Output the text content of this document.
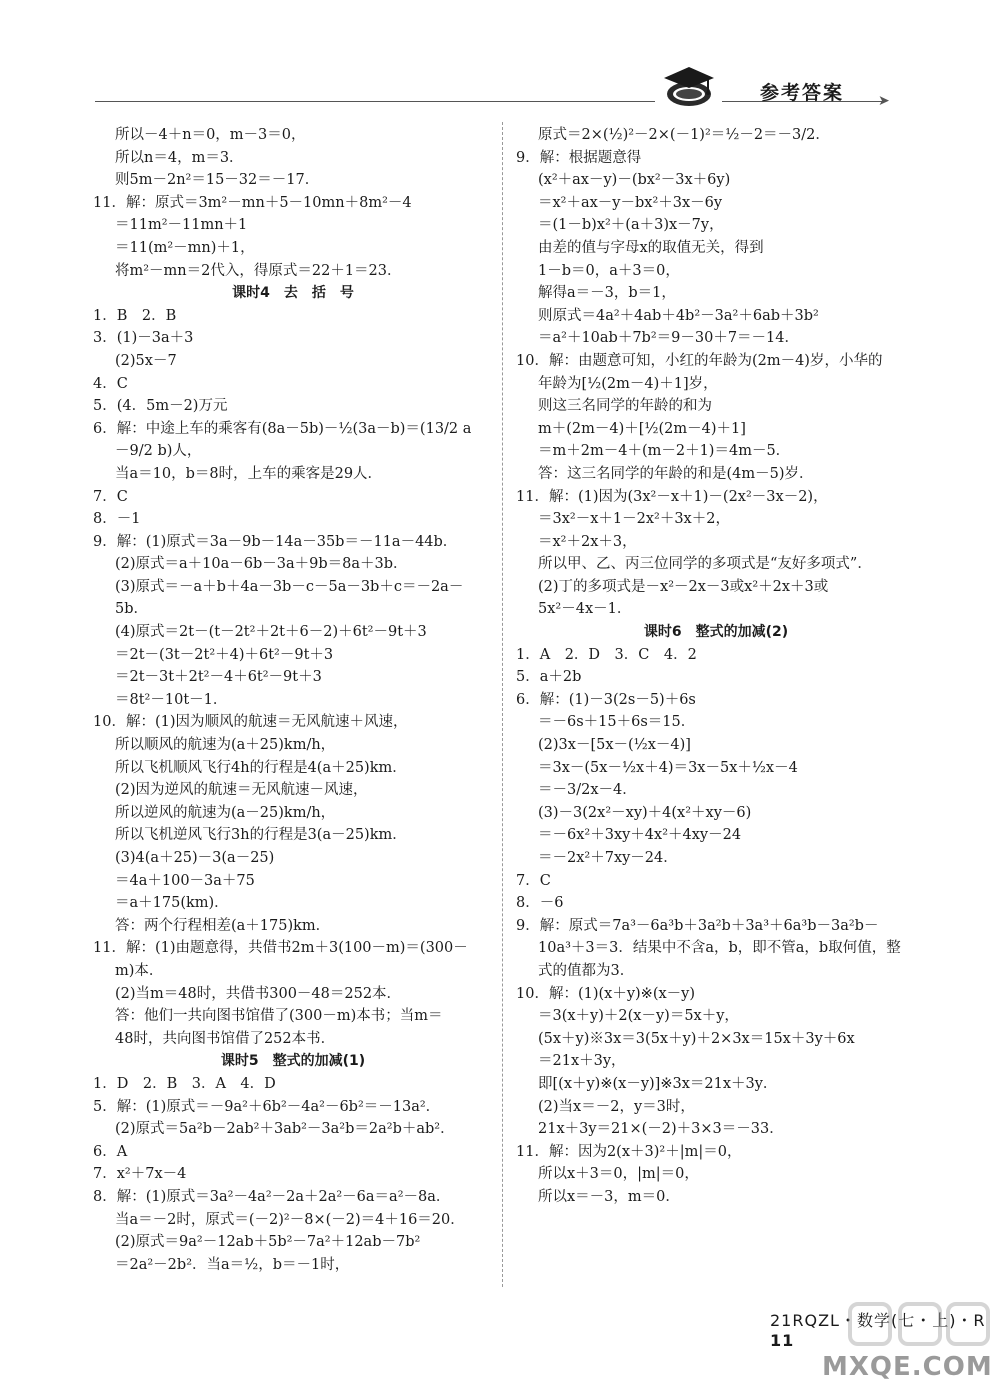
➤
参考答案
所以－4＋n＝0，m－3＝0，
所以n＝4，m＝3．
则5m－2n²＝15－32＝－17．
11．解：原式＝3m²－mn＋5－10mn＋8m²－4
＝11m²－11mn＋1
＝11(m²－mn)＋1，
将m²－mn＝2代入，得原式＝22＋1＝23．
课时4　去　括　号
1．B　2．B
3．(1)－3a＋3
(2)5x－7
4．C
5．(4．5m－2)万元
6．解：中途上车的乘客有(8a－5b)－½(3a－b)＝(13/2 a
－9/2 b)人，
当a＝10，b＝8时，上车的乘客是29人．
7．C
8．－1
9．解：(1)原式＝3a－9b－14a－35b＝－11a－44b．
(2)原式＝a＋10a－6b－3a＋9b＝8a＋3b．
(3)原式＝－a＋b＋4a－3b－c－5a－3b＋c＝－2a－
5b．
(4)原式＝2t－(t－2t²＋2t＋6－2)＋6t²－9t＋3
＝2t－(3t－2t²＋4)＋6t²－9t＋3
＝2t－3t＋2t²－4＋6t²－9t＋3
＝8t²－10t－1．
10．解：(1)因为顺风的航速＝无风航速＋风速，
所以顺风的航速为(a＋25)km/h，
所以飞机顺风飞行4h的行程是4(a＋25)km．
(2)因为逆风的航速＝无风航速－风速，
所以逆风的航速为(a－25)km/h，
所以飞机逆风飞行3h的行程是3(a－25)km．
(3)4(a＋25)－3(a－25)
＝4a＋100－3a＋75
＝a＋175(km)．
答：两个行程相差(a＋175)km．
11．解：(1)由题意得，共借书2m＋3(100－m)＝(300－
m)本．
(2)当m＝48时，共借书300－48＝252本．
答：他们一共向图书馆借了(300－m)本书；当m＝
48时，共向图书馆借了252本书．
课时5　整式的加减(1)
1．D　2．B　3．A　4．D
5．解：(1)原式＝－9a²＋6b²－4a²－6b²＝－13a²．
(2)原式＝5a²b－2ab²＋3ab²－3a²b＝2a²b＋ab²．
6．A
7．x²＋7x－4
8．解：(1)原式＝3a²－4a²－2a＋2a²－6a＝a²－8a．
当a＝－2时，原式＝(－2)²－8×(－2)＝4＋16＝20．
(2)原式＝9a²－12ab＋5b²－7a²＋12ab－7b²
＝2a²－2b²．当a＝½，b＝－1时，
原式＝2×(½)²－2×(－1)²＝½－2＝－3/2．
9．解：根据题意得
(x²＋ax－y)－(bx²－3x＋6y)
＝x²＋ax－y－bx²＋3x－6y
＝(1－b)x²＋(a＋3)x－7y，
由差的值与字母x的取值无关，得到
1－b＝0，a＋3＝0，
解得a＝－3，b＝1，
则原式＝4a²＋4ab＋4b²－3a²＋6ab＋3b²
＝a²＋10ab＋7b²＝9－30＋7＝－14．
10．解：由题意可知，小红的年龄为(2m－4)岁，小华的
年龄为[½(2m－4)＋1]岁，
则这三名同学的年龄的和为
m＋(2m－4)＋[½(2m－4)＋1]
＝m＋2m－4＋(m－2＋1)＝4m－5．
答：这三名同学的年龄的和是(4m－5)岁．
11．解：(1)因为(3x²－x＋1)－(2x²－3x－2)，
＝3x²－x＋1－2x²＋3x＋2，
＝x²＋2x＋3，
所以甲、乙、丙三位同学的多项式是“友好多项式”．
(2)丁的多项式是－x²－2x－3或x²＋2x＋3或
5x²－4x－1．
课时6　整式的加减(2)
1．A　2．D　3．C　4．2
5．a＋2b
6．解：(1)－3(2s－5)＋6s
＝－6s＋15＋6s＝15．
(2)3x－[5x－(½x－4)]
＝3x－(5x－½x＋4)＝3x－5x＋½x－4
＝－3/2x－4．
(3)－3(2x²－xy)＋4(x²＋xy－6)
＝－6x²＋3xy＋4x²＋4xy－24
＝－2x²＋7xy－24．
7．C
8．－6
9．解：原式＝7a³－6a³b＋3a²b＋3a³＋6a³b－3a²b－
10a³＋3＝3．结果中不含a，b，即不管a，b取何值，整
式的值都为3．
10．解：(1)(x＋y)※(x－y)
＝3(x＋y)＋2(x－y)＝5x＋y，
(5x＋y)※3x＝3(5x＋y)＋2×3x＝15x＋3y＋6x
＝21x＋3y，
即[(x＋y)※(x－y)]※3x＝21x＋3y．
(2)当x＝－2，y＝3时，
21x＋3y＝21×(－2)＋3×3＝－33．
11．解：因为2(x＋3)²＋|m|＝0，
所以x＋3＝0，|m|＝0，
所以x＝－3，m＝0．
21RQZL・数学(七・上)・R 11
MXQE.COM
